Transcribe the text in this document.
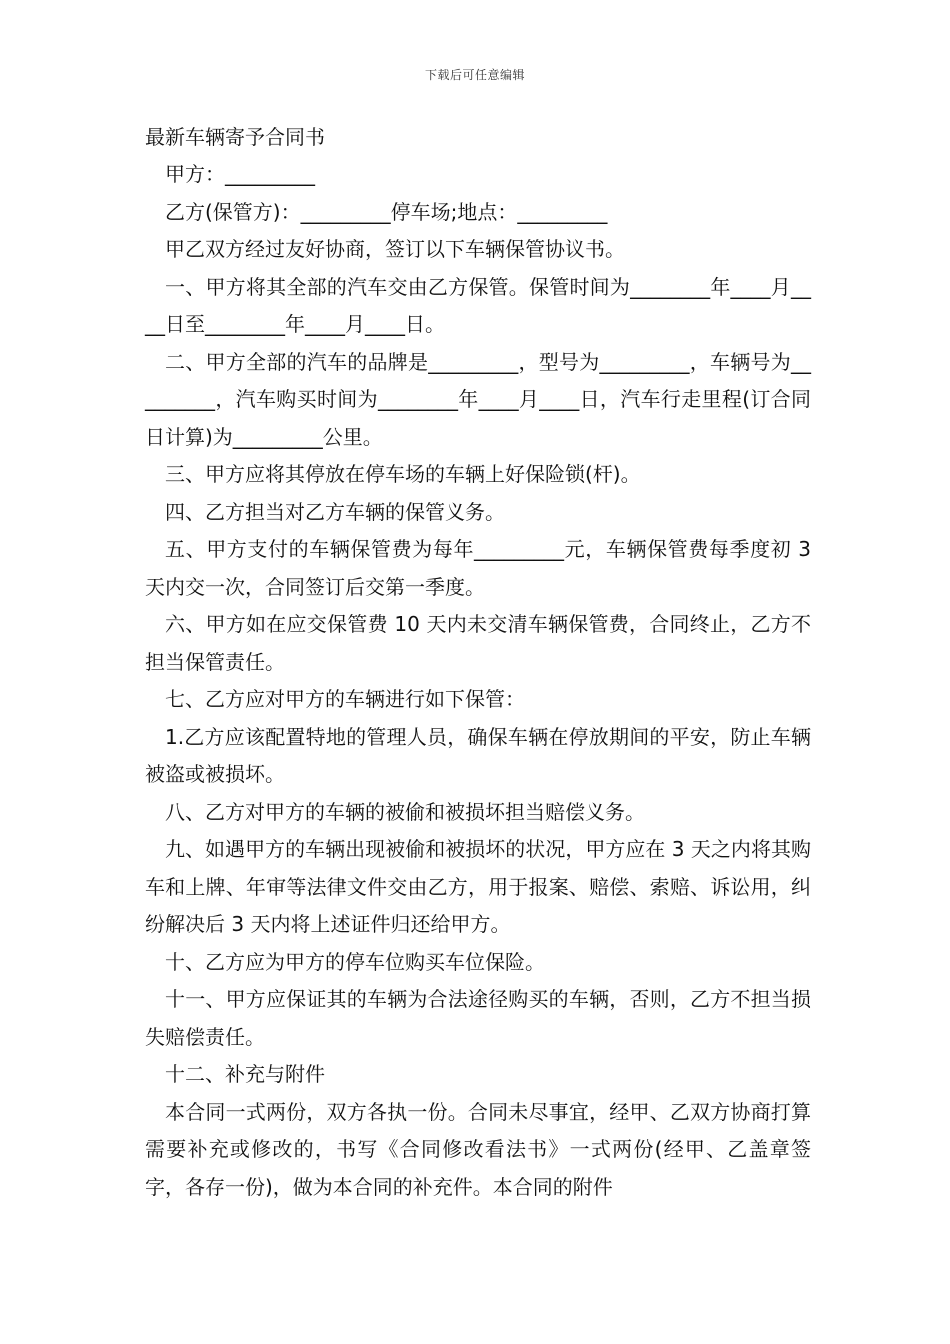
下载后可任意编辑
最新车辆寄予合同书

甲方：_________

乙方(保管方)：_________停车场;地点：_________

甲乙双方经过友好协商，签订以下车辆保管协议书。

一、甲方将其全部的汽车交由乙方保管。保管时间为________年____月____日至________年____月____日。

二、甲方全部的汽车的品牌是_________，型号为_________，车辆号为_________，汽车购买时间为________年____月____日，汽车行走里程(订合同日计算)为_________公里。

三、甲方应将其停放在停车场的车辆上好保险锁(杆)。

四、乙方担当对乙方车辆的保管义务。

五、甲方支付的车辆保管费为每年_________元，车辆保管费每季度初 3 天内交一次，合同签订后交第一季度。

六、甲方如在应交保管费 10 天内未交清车辆保管费，合同终止，乙方不担当保管责任。

七、乙方应对甲方的车辆进行如下保管：

1.乙方应该配置特地的管理人员，确保车辆在停放期间的平安，防止车辆被盗或被损坏。

八、乙方对甲方的车辆的被偷和被损坏担当赔偿义务。

九、如遇甲方的车辆出现被偷和被损坏的状况，甲方应在 3 天之内将其购车和上牌、年审等法律文件交由乙方，用于报案、赔偿、索赔、诉讼用，纠纷解决后 3 天内将上述证件归还给甲方。

十、乙方应为甲方的停车位购买车位保险。

十一、甲方应保证其的车辆为合法途径购买的车辆，否则，乙方不担当损失赔偿责任。

十二、补充与附件

本合同一式两份，双方各执一份。合同未尽事宜，经甲、乙双方协商打算需要补充或修改的，书写《合同修改看法书》一式两份(经甲、乙盖章签字，各存一份)，做为本合同的补充件。本合同的附件
